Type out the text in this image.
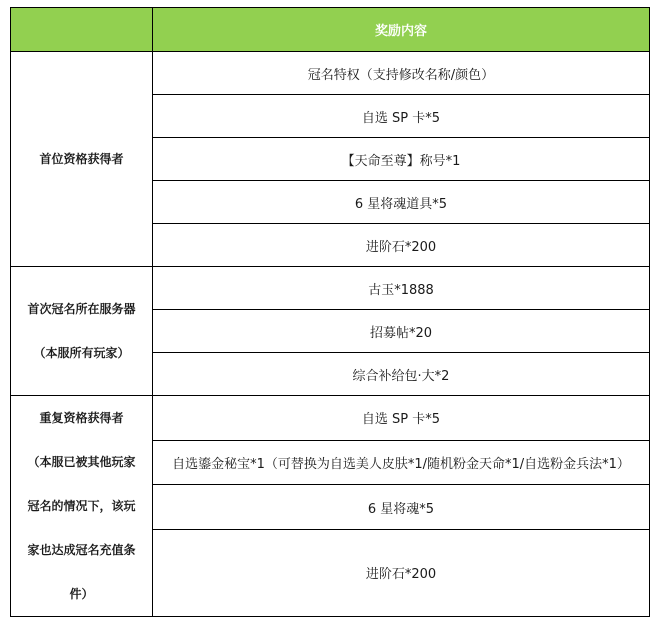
	奖励内容

首位资格获得者	冠名特权（支持修改名称/颜色）
	自选 SP 卡*5
	【天命至尊】称号*1
	6 星将魂道具*5
	进阶石*200

首次冠名所在服务器
（本服所有玩家）	古玉*1888
	招募帖*20
	综合补给包·大*2

重复资格获得者
（本服已被其他玩家
冠名的情况下，该玩
家也达成冠名充值条
件）	自选 SP 卡*5
	自选鎏金秘宝*1（可替换为自选美人皮肤*1/随机粉金天命*1/自选粉金兵法*1）
	6 星将魂*5
	进阶石*200
